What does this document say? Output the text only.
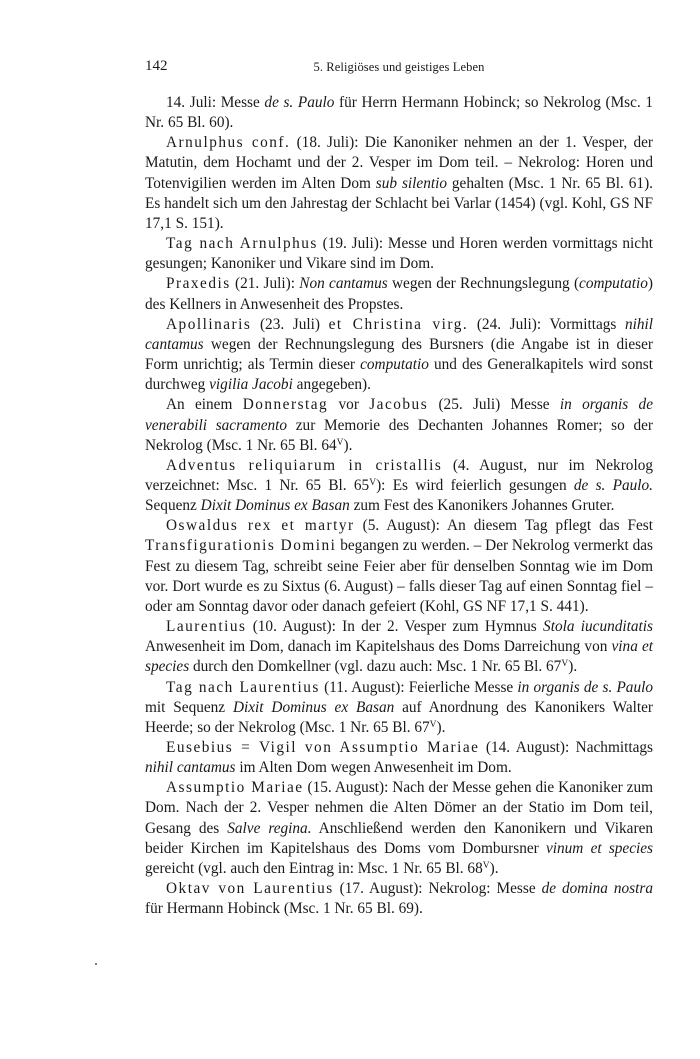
142	5. Religiöses und geistiges Leben

14. Juli: Messe de s. Paulo für Herrn Hermann Hobinck; so Nekrolog (Msc. 1 Nr. 65 Bl. 60).

Arnulphus conf. (18. Juli): Die Kanoniker nehmen an der 1. Vesper, der Matutin, dem Hochamt und der 2. Vesper im Dom teil. – Nekrolog: Horen und Totenvigilien werden im Alten Dom sub silentio gehalten (Msc. 1 Nr. 65 Bl. 61). Es handelt sich um den Jahrestag der Schlacht bei Varlar (1454) (vgl. Kohl, GS NF 17,1 S. 151).

Tag nach Arnulphus (19. Juli): Messe und Horen werden vormittags nicht gesungen; Kanoniker und Vikare sind im Dom.

Praxedis (21. Juli): Non cantamus wegen der Rechnungslegung (computatio) des Kellners in Anwesenheit des Propstes.

Apollinaris (23. Juli) et Christina virg. (24. Juli): Vormittags nihil cantamus wegen der Rechnungslegung des Bursners (die Angabe ist in dieser Form unrichtig; als Termin dieser computatio und des Generalkapitels wird sonst durchweg vigilia Jacobi angegeben).

An einem Donnerstag vor Jacobus (25. Juli) Messe in organis de venerabili sacramento zur Memorie des Dechanten Johannes Romer; so der Nekrolog (Msc. 1 Nr. 65 Bl. $64^V$).

Adventus reliquiarum in cristallis (4. August, nur im Nekrolog verzeichnet: Msc. 1 Nr. 65 Bl. $65^V$): Es wird feierlich gesungen de s. Paulo. Sequenz Dixit Dominus ex Basan zum Fest des Kanonikers Johannes Gruter.

Oswaldus rex et martyr (5. August): An diesem Tag pflegt das Fest Transfigurationis Domini begangen zu werden. – Der Nekrolog vermerkt das Fest zu diesem Tag, schreibt seine Feier aber für denselben Sonntag wie im Dom vor. Dort wurde es zu Sixtus (6. August) – falls dieser Tag auf einen Sonntag fiel – oder am Sonntag davor oder danach gefeiert (Kohl, GS NF 17,1 S. 441).

Laurentius (10. August): In der 2. Vesper zum Hymnus Stola iucunditatis Anwesenheit im Dom, danach im Kapitelshaus des Doms Darreichung von vina et species durch den Domkellner (vgl. dazu auch: Msc. 1 Nr. 65 Bl. $67^V$).

Tag nach Laurentius (11. August): Feierliche Messe in organis de s. Paulo mit Sequenz Dixit Dominus ex Basan auf Anordnung des Kanonikers Walter Heerde; so der Nekrolog (Msc. 1 Nr. 65 Bl. $67^V$).

Eusebius = Vigil von Assumptio Mariae (14. August): Nachmittags nihil cantamus im Alten Dom wegen Anwesenheit im Dom.

Assumptio Mariae (15. August): Nach der Messe gehen die Kanoniker zum Dom. Nach der 2. Vesper nehmen die Alten Dömer an der Statio im Dom teil, Gesang des Salve regina. Anschließend werden den Kanonikern und Vikaren beider Kirchen im Kapitelshaus des Doms vom Dombursner vinum et species gereicht (vgl. auch den Eintrag in: Msc. 1 Nr. 65 Bl. $68^V$).

Oktav von Laurentius (17. August): Nekrolog: Messe de domina nostra für Hermann Hobinck (Msc. 1 Nr. 65 Bl. 69).
